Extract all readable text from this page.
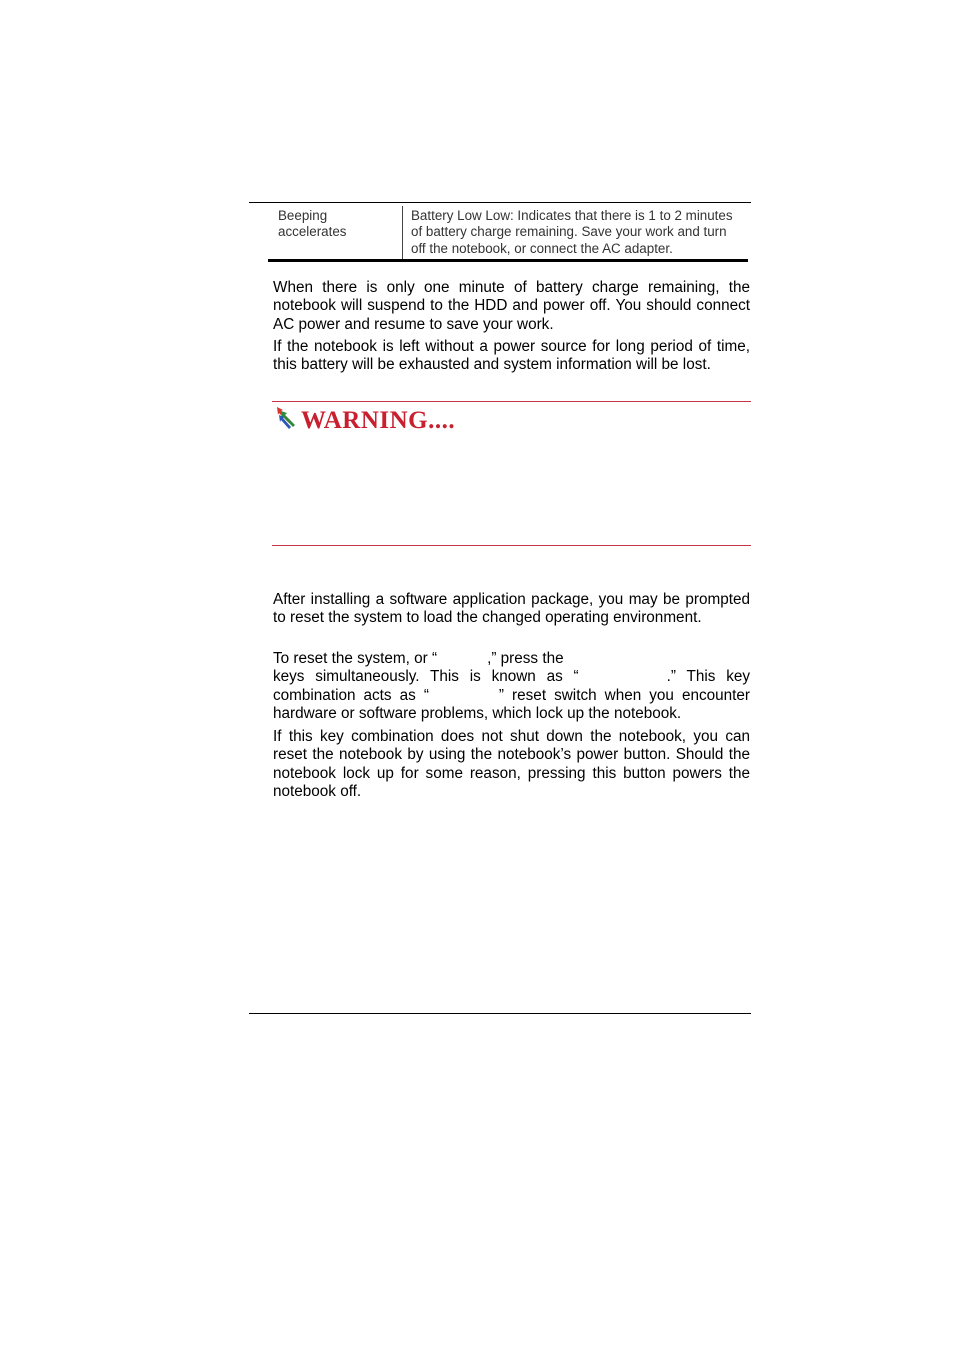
Beeping accelerates	Battery Low Low: Indicates that there is 1 to 2 minutes of battery charge remaining. Save your work and turn off the notebook, or connect the AC adapter.

When there is only one minute of battery charge remaining, the notebook will suspend to the HDD and power off. You should connect AC power and resume to save your work.

If the notebook is left without a power source for long period of time, this battery will be exhausted and system information will be lost.

WARNING....

After installing a software application package, you may be prompted to reset the system to load the changed operating environment.

To reset the system, or “	,” press the
keys simultaneously. This is known as “	.” This key combination acts as “	” reset switch when you encounter hardware or software problems, which lock up the notebook.

If this key combination does not shut down the notebook, you can reset the notebook by using the notebook’s power button. Should the notebook lock up for some reason, pressing this button powers the notebook off.
